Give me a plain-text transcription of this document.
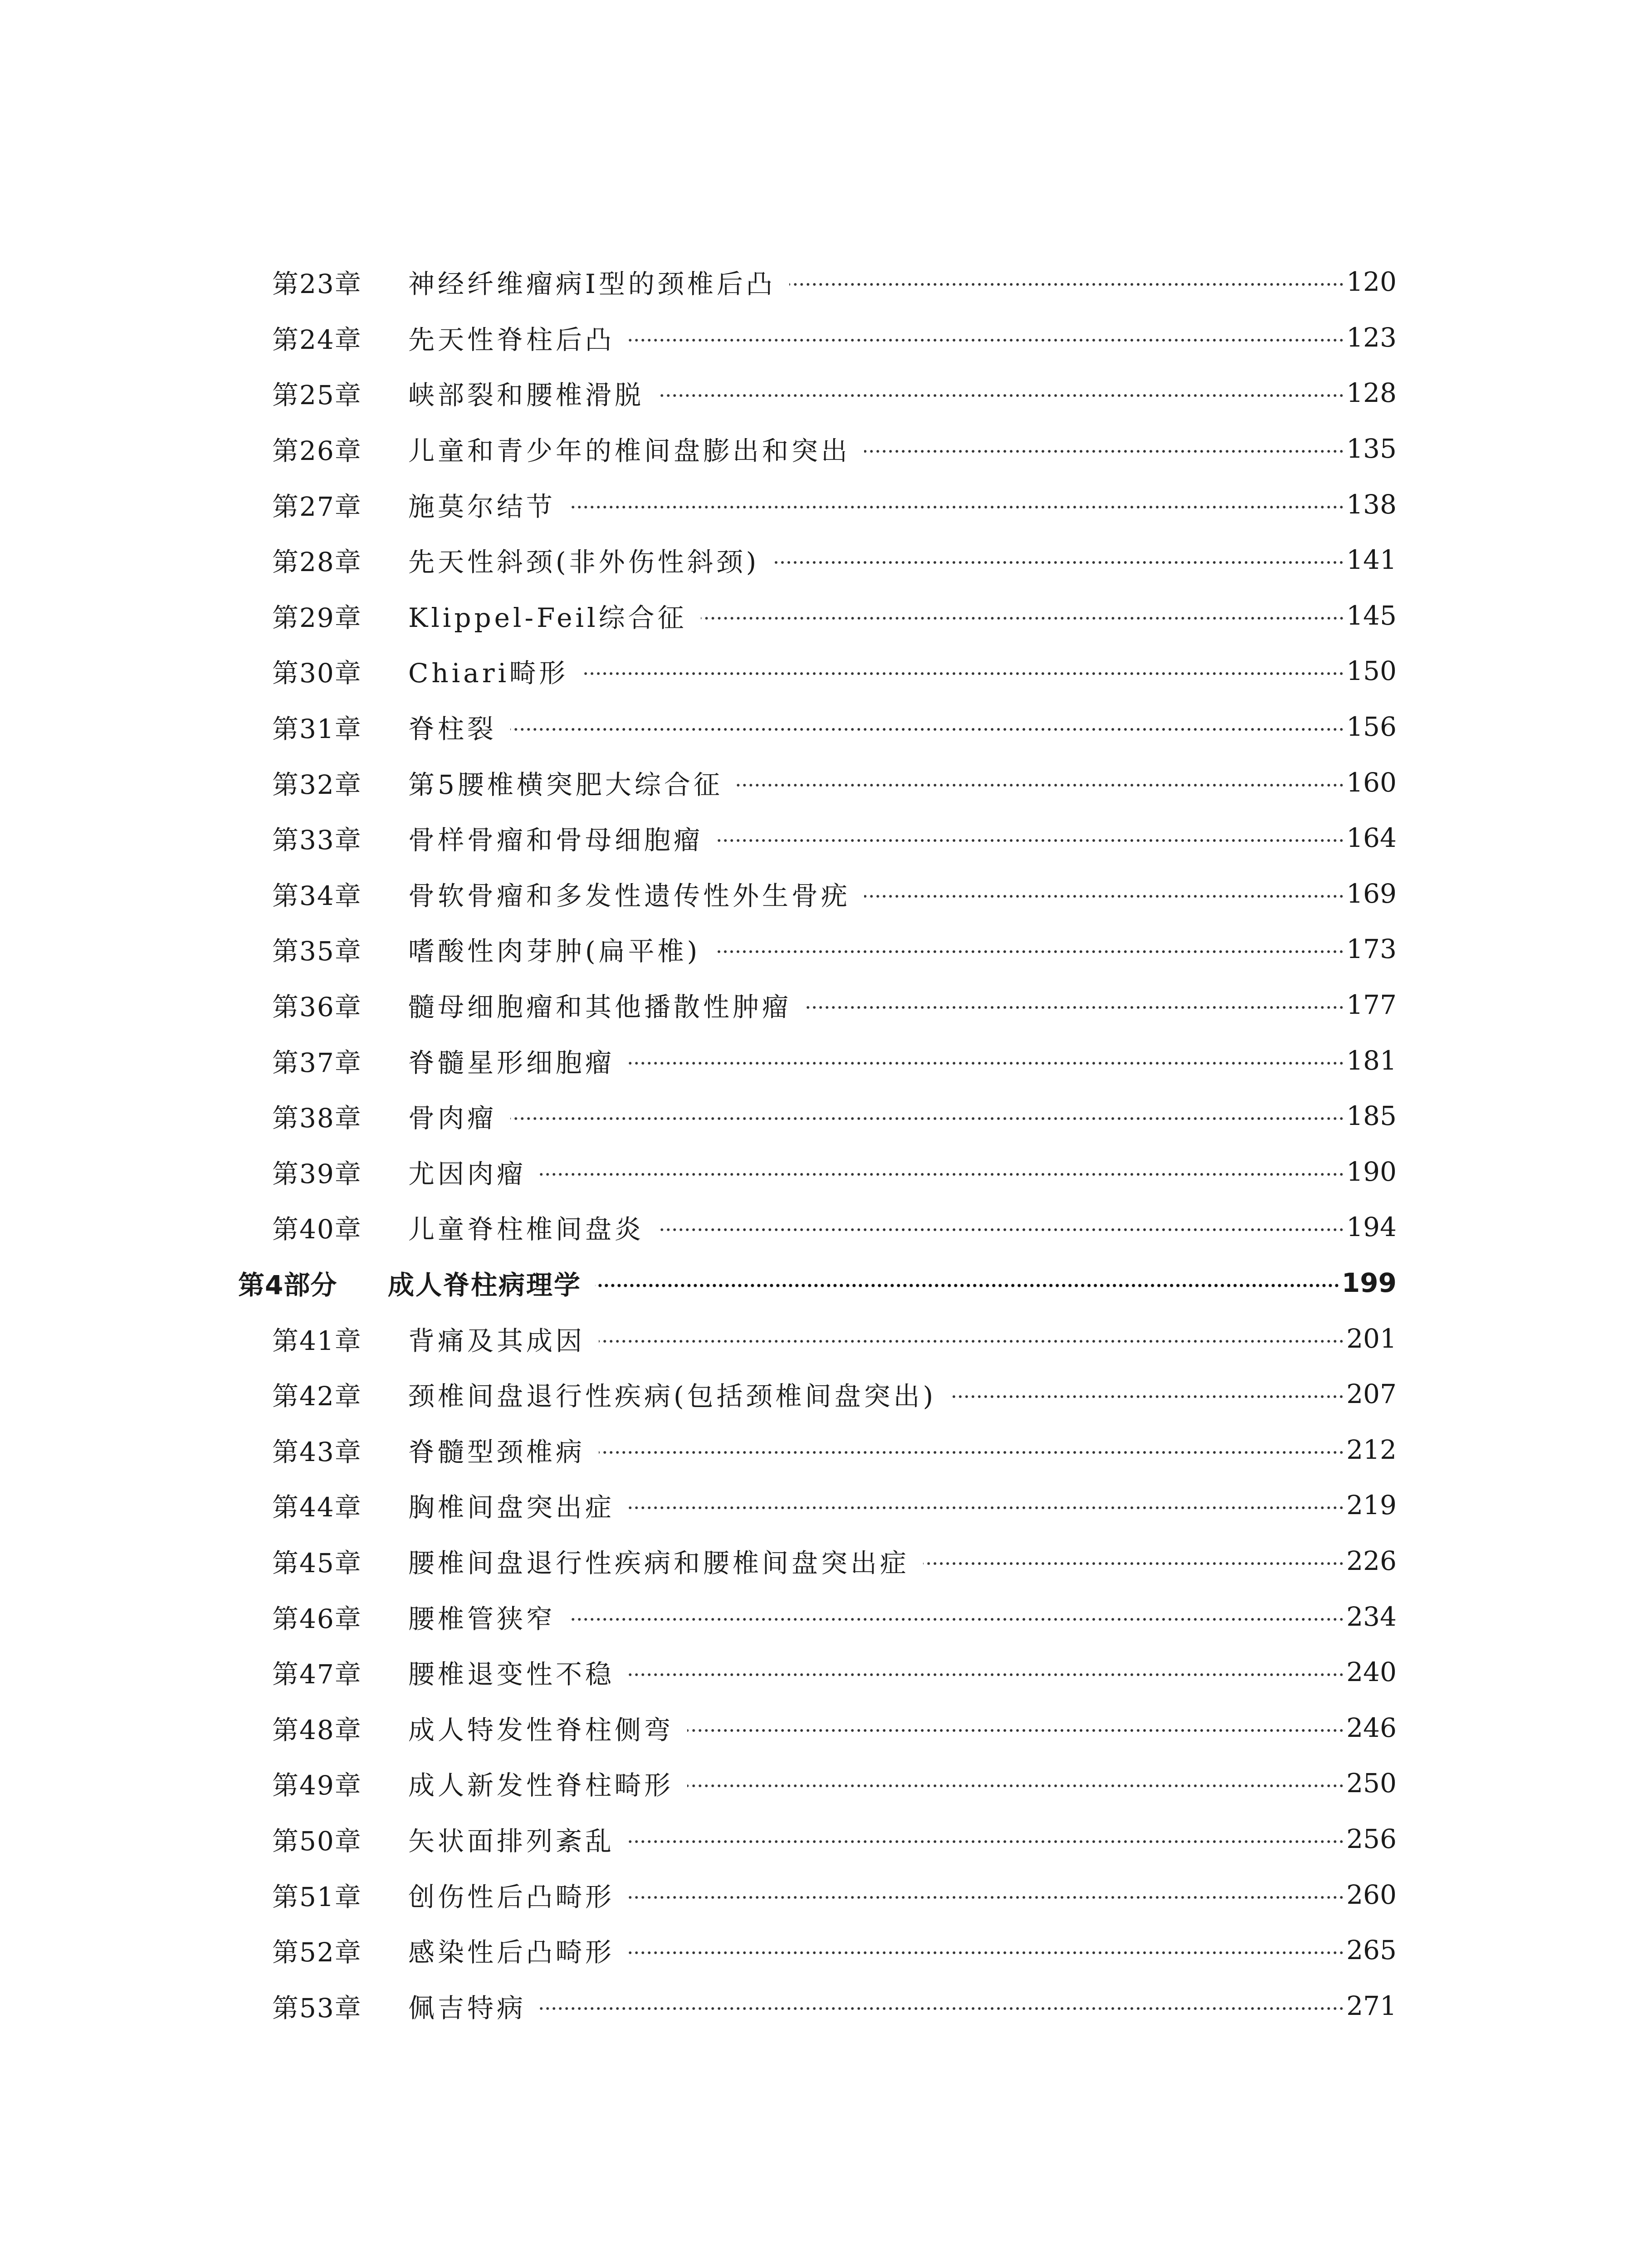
第23章	神经纤维瘤病Ⅰ型的颈椎后凸	120
第24章	先天性脊柱后凸	123
第25章	峡部裂和腰椎滑脱	128
第26章	儿童和青少年的椎间盘膨出和突出	135
第27章	施莫尔结节	138
第28章	先天性斜颈(非外伤性斜颈)	141
第29章	Klippel-Feil综合征	145
第30章	Chiari畸形	150
第31章	脊柱裂	156
第32章	第5腰椎横突肥大综合征	160
第33章	骨样骨瘤和骨母细胞瘤	164
第34章	骨软骨瘤和多发性遗传性外生骨疣	169
第35章	嗜酸性肉芽肿(扁平椎)	173
第36章	髓母细胞瘤和其他播散性肿瘤	177
第37章	脊髓星形细胞瘤	181
第38章	骨肉瘤	185
第39章	尤因肉瘤	190
第40章	儿童脊柱椎间盘炎	194
第4部分	成人脊柱病理学	199
第41章	背痛及其成因	201
第42章	颈椎间盘退行性疾病(包括颈椎间盘突出)	207
第43章	脊髓型颈椎病	212
第44章	胸椎间盘突出症	219
第45章	腰椎间盘退行性疾病和腰椎间盘突出症	226
第46章	腰椎管狭窄	234
第47章	腰椎退变性不稳	240
第48章	成人特发性脊柱侧弯	246
第49章	成人新发性脊柱畸形	250
第50章	矢状面排列紊乱	256
第51章	创伤性后凸畸形	260
第52章	感染性后凸畸形	265
第53章	佩吉特病	271
